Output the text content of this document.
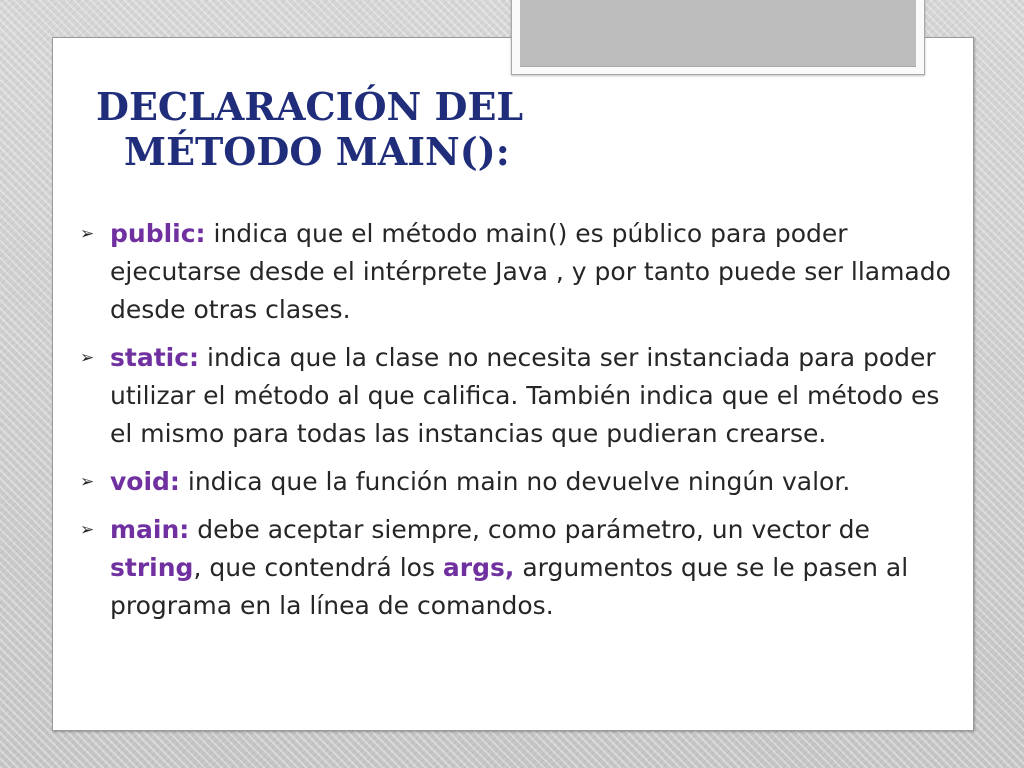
DECLARACIÓN DEL
MÉTODO MAIN():
➢ public: indica que el método main() es público para poder ejecutarse desde el intérprete Java , y por tanto puede ser llamado desde otras clases.
➢ static: indica que la clase no necesita ser instanciada para poder utilizar el método al que califica. También indica que el método es el mismo para todas las instancias que pudieran crearse.
➢ void: indica que la función main no devuelve ningún valor.
➢ main: debe aceptar siempre, como parámetro, un vector de string, que contendrá los args, argumentos que se le pasen al programa en la línea de comandos.
